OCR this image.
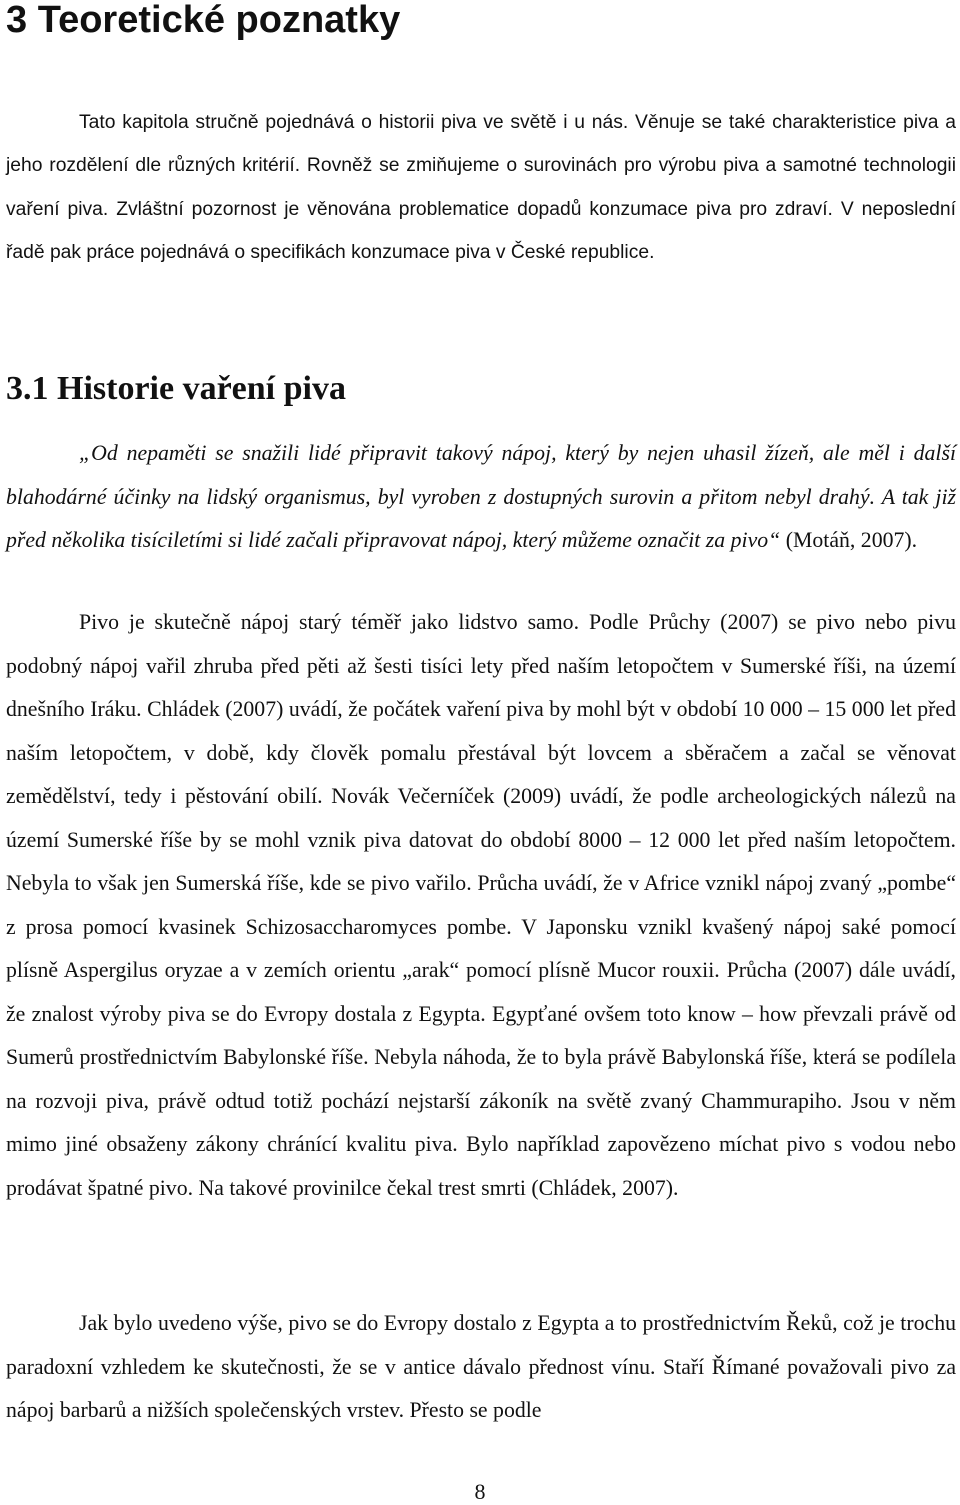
3 Teoretické poznatky

Tato kapitola stručně pojednává o historii piva ve světě i u nás. Věnuje se také charakteristice piva a jeho rozdělení dle různých kritérií. Rovněž se zmiňujeme o surovinách pro výrobu piva a samotné technologii vaření piva. Zvláštní pozornost je věnována problematice dopadů konzumace piva pro zdraví. V neposlední řadě pak práce pojednává o specifikách konzumace piva v České republice.

3.1 Historie vaření piva

„Od nepaměti se snažili lidé připravit takový nápoj, který by nejen uhasil žízeň, ale měl i další blahodárné účinky na lidský organismus, byl vyroben z dostupných surovin a přitom nebyl drahý. A tak již před několika tisíciletími si lidé začali připravovat nápoj, který můžeme označit za pivo“ (Motáň, 2007).

Pivo je skutečně nápoj starý téměř jako lidstvo samo. Podle Průchy (2007) se pivo nebo pivu podobný nápoj vařil zhruba před pěti až šesti tisíci lety před naším letopočtem v Sumerské říši, na území dnešního Iráku. Chládek (2007) uvádí, že počátek vaření piva by mohl být v období 10 000 – 15 000 let před naším letopočtem, v době, kdy člověk pomalu přestával být lovcem a sběračem a začal se věnovat zemědělství, tedy i pěstování obilí. Novák Večerníček (2009) uvádí, že podle archeologických nálezů na území Sumerské říše by se mohl vznik piva datovat do období 8000 – 12 000 let před naším letopočtem. Nebyla to však jen Sumerská říše, kde se pivo vařilo. Průcha uvádí, že v Africe vznikl nápoj zvaný „pombe“ z prosa pomocí kvasinek Schizosaccharomyces pombe. V Japonsku vznikl kvašený nápoj saké pomocí plísně Aspergilus oryzae a v zemích orientu „arak“ pomocí plísně Mucor rouxii. Průcha (2007) dále uvádí, že znalost výroby piva se do Evropy dostala z Egypta. Egypťané ovšem toto know – how převzali právě od Sumerů prostřednictvím Babylonské říše. Nebyla náhoda, že to byla právě Babylonská říše, která se podílela na rozvoji piva, právě odtud totiž pochází nejstarší zákoník na světě zvaný Chammurapiho. Jsou v něm mimo jiné obsaženy zákony chránící kvalitu piva. Bylo například zapovězeno míchat pivo s vodou nebo prodávat špatné pivo. Na takové provinilce čekal trest smrti (Chládek, 2007).

Jak bylo uvedeno výše, pivo se do Evropy dostalo z Egypta a to prostřednictvím Řeků, což je trochu paradoxní vzhledem ke skutečnosti, že se v antice dávalo přednost vínu. Staří Římané považovali pivo za nápoj barbarů a nižších společenských vrstev. Přesto se podle

8
